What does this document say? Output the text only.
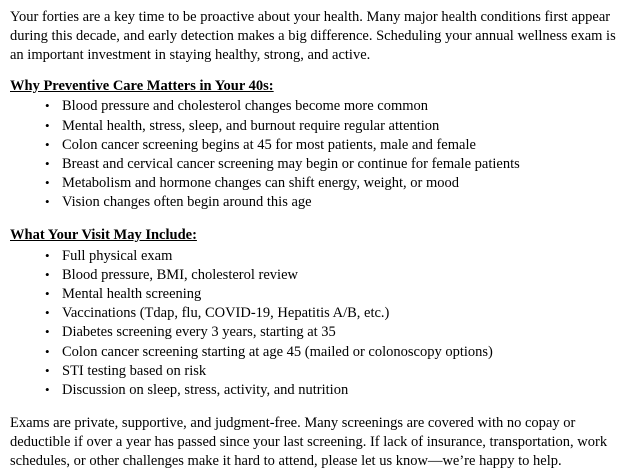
Your forties are a key time to be proactive about your health. Many major health conditions first appear during this decade, and early detection makes a big difference. Scheduling your annual wellness exam is an important investment in staying healthy, strong, and active.

Why Preventive Care Matters in Your 40s:
• Blood pressure and cholesterol changes become more common
• Mental health, stress, sleep, and burnout require regular attention
• Colon cancer screening begins at 45 for most patients, male and female
• Breast and cervical cancer screening may begin or continue for female patients
• Metabolism and hormone changes can shift energy, weight, or mood
• Vision changes often begin around this age
What Your Visit May Include:
• Full physical exam
• Blood pressure, BMI, cholesterol review
• Mental health screening
• Vaccinations (Tdap, flu, COVID-19, Hepatitis A/B, etc.)
• Diabetes screening every 3 years, starting at 35
• Colon cancer screening starting at age 45 (mailed or colonoscopy options)
• STI testing based on risk
• Discussion on sleep, stress, activity, and nutrition

Exams are private, supportive, and judgment-free. Many screenings are covered with no copay or deductible if over a year has passed since your last screening. If lack of insurance, transportation, work schedules, or other challenges make it hard to attend, please let us know—we’re happy to help.
